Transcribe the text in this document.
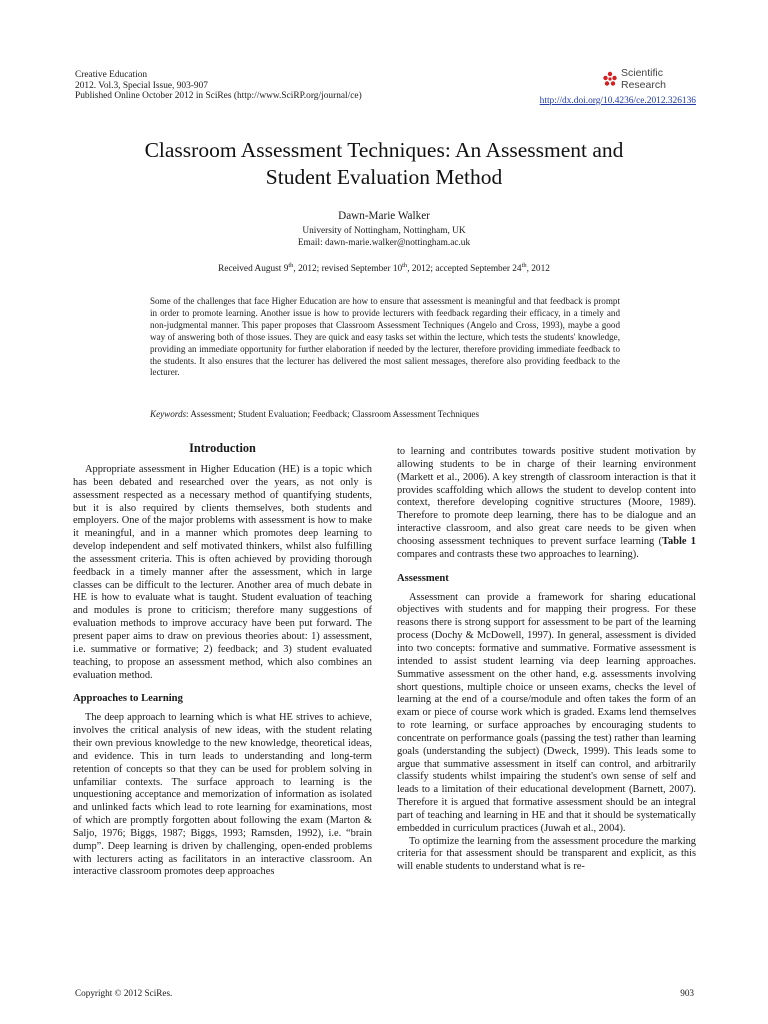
Creative Education
2012. Vol.3, Special Issue, 903-907
Published Online October 2012 in SciRes (http://www.SciRP.org/journal/ce)
Scientific
Research
http://dx.doi.org/10.4236/ce.2012.326136
Classroom Assessment Techniques: An Assessment and
Student Evaluation Method
Dawn-Marie Walker
University of Nottingham, Nottingham, UK
Email: dawn-marie.walker@nottingham.ac.uk
Received August 9th, 2012; revised September 10th, 2012; accepted September 24th, 2012
Some of the challenges that face Higher Education are how to ensure that assessment is meaningful and that feedback is prompt in order to promote learning. Another issue is how to provide lecturers with feedback regarding their efficacy, in a timely and non-judgmental manner. This paper proposes that Classroom Assessment Techniques (Angelo and Cross, 1993), maybe a good way of answering both of those issues. They are quick and easy tasks set within the lecture, which tests the students' knowledge, providing an immediate opportunity for further elaboration if needed by the lecturer, therefore providing immediate feedback to the students. It also ensures that the lecturer has delivered the most salient messages, therefore also providing feedback to the lecturer.
Keywords: Assessment; Student Evaluation; Feedback; Classroom Assessment Techniques
Introduction

Appropriate assessment in Higher Education (HE) is a topic which has been debated and researched over the years, as not only is assessment respected as a necessary method of quantifying students, but it is also required by clients themselves, both students and employers. One of the major problems with assessment is how to make it meaningful, and in a manner which promotes deep learning to develop independent and self motivated thinkers, whilst also fulfilling the assessment criteria. This is often achieved by providing thorough feedback in a timely manner after the assessment, which in large classes can be difficult to the lecturer. Another area of much debate in HE is how to evaluate what is taught. Student evaluation of teaching and modules is prone to criticism; therefore many suggestions of evaluation methods to improve accuracy have been put forward. The present paper aims to draw on previous theories about: 1) assessment, i.e. summative or formative; 2) feedback; and 3) student evaluated teaching, to propose an assessment method, which also combines an evaluation method.

Approaches to Learning

The deep approach to learning which is what HE strives to achieve, involves the critical analysis of new ideas, with the student relating their own previous knowledge to the new knowledge, theoretical ideas, and evidence. This in turn leads to understanding and long-term retention of concepts so that they can be used for problem solving in unfamiliar contexts. The surface approach to learning is the unquestioning acceptance and memorization of information as isolated and unlinked facts which lead to rote learning for examinations, most of which are promptly forgotten about following the exam (Marton & Saljo, 1976; Biggs, 1987; Biggs, 1993; Ramsden, 1992), i.e. “brain dump”. Deep learning is driven by challenging, open-ended problems with lecturers acting as facilitators in an interactive classroom. An interactive classroom promotes deep approaches

to learning and contributes towards positive student motivation by allowing students to be in charge of their learning environment (Markett et al., 2006). A key strength of classroom interaction is that it provides scaffolding which allows the student to develop content into context, therefore developing cognitive structures (Moore, 1989). Therefore to promote deep learning, there has to be dialogue and an interactive classroom, and also great care needs to be given when choosing assessment techniques to prevent surface learning (Table 1 compares and contrasts these two approaches to learning).

Assessment

Assessment can provide a framework for sharing educational objectives with students and for mapping their progress. For these reasons there is strong support for assessment to be part of the learning process (Dochy & McDowell, 1997). In general, assessment is divided into two concepts: formative and summative. Formative assessment is intended to assist student learning via deep learning approaches. Summative assessment on the other hand, e.g. assessments involving short questions, multiple choice or unseen exams, checks the level of learning at the end of a course/module and often takes the form of an exam or piece of course work which is graded. Exams lend themselves to rote learning, or surface approaches by encouraging students to concentrate on performance goals (passing the test) rather than learning goals (understanding the subject) (Dweck, 1999). This leads some to argue that summative assessment in itself can control, and arbitrarily classify students whilst impairing the student's own sense of self and leads to a limitation of their educational development (Barnett, 2007). Therefore it is argued that formative assessment should be an integral part of teaching and learning in HE and that it should be systematically embedded in curriculum practices (Juwah et al., 2004).

To optimize the learning from the assessment procedure the marking criteria for that assessment should be transparent and explicit, as this will enable students to understand what is re-

Copyright © 2012 SciRes.	903
